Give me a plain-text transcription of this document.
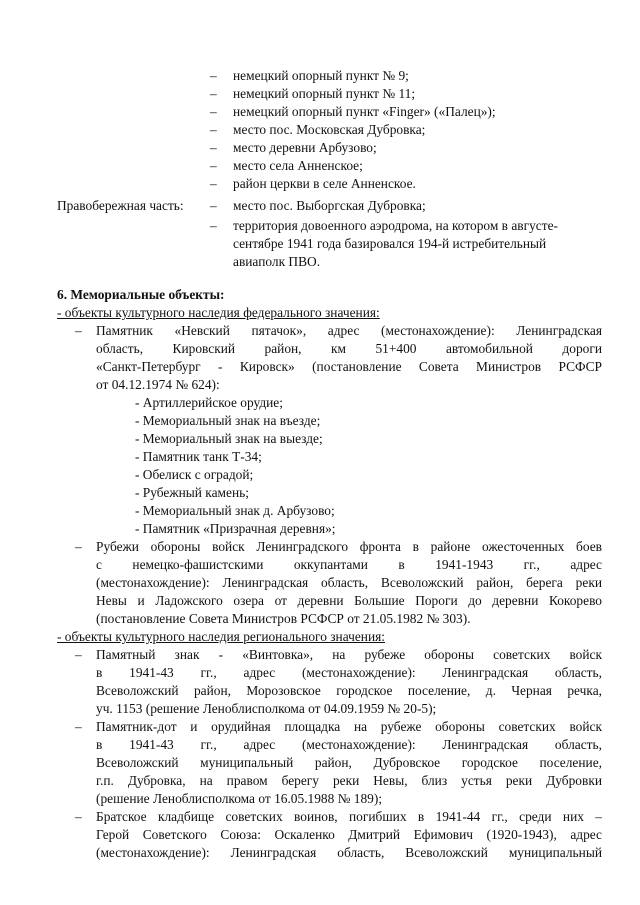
– немецкий опорный пункт № 9;
– немецкий опорный пункт № 11;
– немецкий опорный пункт «Finger» («Палец»);
– место пос. Московская Дубровка;
– место деревни Арбузово;
– место села Анненское;
– район церкви в селе Анненское.
Правобережная часть: – место пос. Выборгская Дубровка;
– территория довоенного аэродрома, на котором в августе-
сентябре 1941 года базировался 194-й истребительный
авиаполк ПВО.
6. Мемориальные объекты:
- объекты культурного наследия федерального значения:
– Памятник «Невский пятачок», адрес (местонахождение): Ленинградская
область, Кировский район, км 51+400 автомобильной дороги
«Санкт-Петербург - Кировск» (постановление Совета Министров РСФСР
от 04.12.1974 № 624):
- Артиллерийское орудие;
- Мемориальный знак на въезде;
- Мемориальный знак на выезде;
- Памятник танк Т-34;
- Обелиск с оградой;
- Рубежный камень;
- Мемориальный знак д. Арбузово;
- Памятник «Призрачная деревня»;
– Рубежи обороны войск Ленинградского фронта в районе ожесточенных боев
с немецко-фашистскими оккупантами в 1941-1943 гг., адрес
(местонахождение): Ленинградская область, Всеволожский район, берега реки
Невы и Ладожского озера от деревни Большие Пороги до деревни Кокорево
(постановление Совета Министров РСФСР от 21.05.1982 № 303).
- объекты культурного наследия регионального значения:
– Памятный знак - «Винтовка», на рубеже обороны советских войск
в 1941-43 гг., адрес (местонахождение): Ленинградская область,
Всеволожский район, Морозовское городское поселение, д. Черная речка,
уч. 1153 (решение Леноблисполкома от 04.09.1959 № 20-5);
– Памятник-дот и орудийная площадка на рубеже обороны советских войск
в 1941-43 гг., адрес (местонахождение): Ленинградская область,
Всеволожский муниципальный район, Дубровское городское поселение,
г.п. Дубровка, на правом берегу реки Невы, близ устья реки Дубровки
(решение Леноблисполкома от 16.05.1988 № 189);
– Братское кладбище советских воинов, погибших в 1941-44 гг., среди них –
Герой Советского Союза: Оскаленко Дмитрий Ефимович (1920-1943), адрес
(местонахождение): Ленинградская область, Всеволожский муниципальный
